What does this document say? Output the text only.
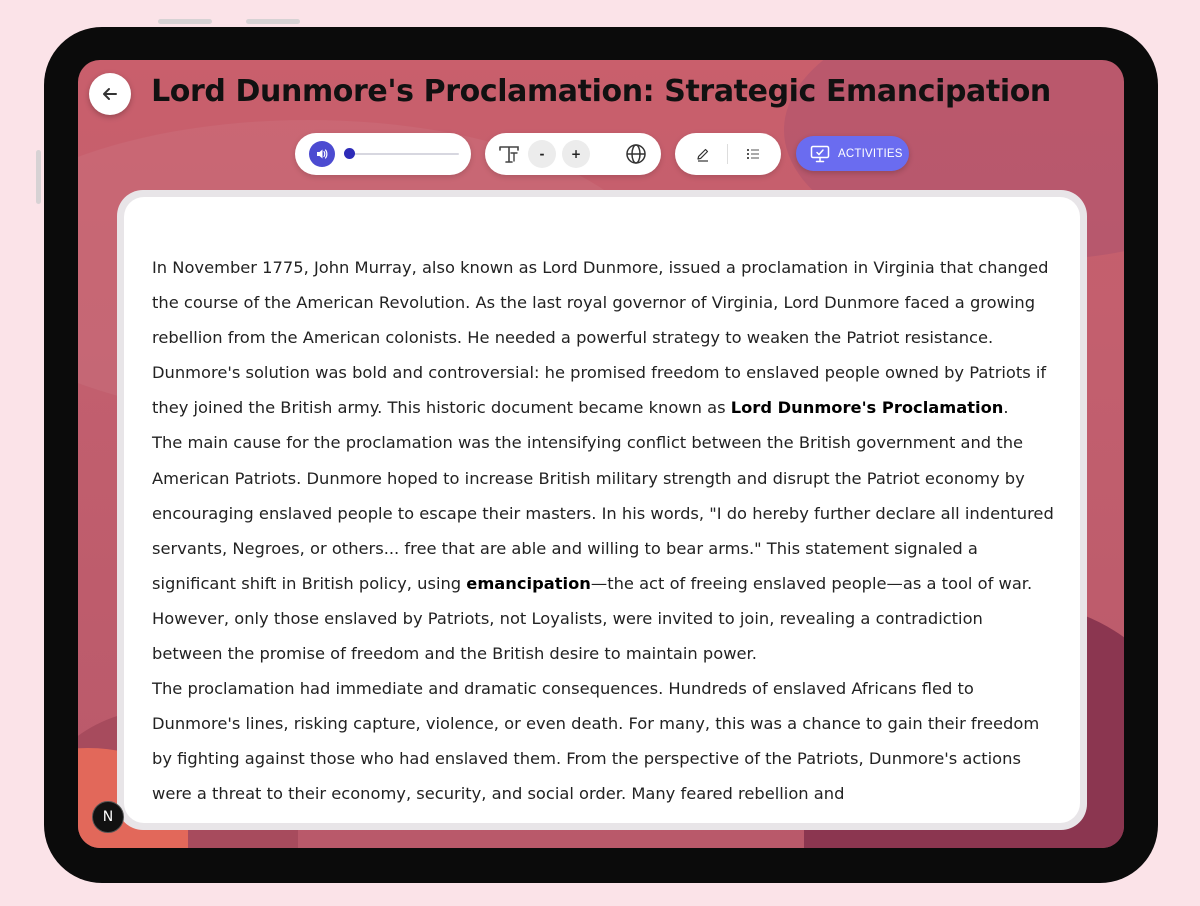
Lord Dunmore's Proclamation: Strategic Emancipation
-	+	ACTIVITIES

In November 1775, John Murray, also known as Lord Dunmore, issued a proclamation in Virginia that changed the course of the American Revolution. As the last royal governor of Virginia, Lord Dunmore faced a growing rebellion from the American colonists. He needed a powerful strategy to weaken the Patriot resistance. Dunmore's solution was bold and controversial: he promised freedom to enslaved people owned by Patriots if they joined the British army. This historic document became known as Lord Dunmore's Proclamation.

The main cause for the proclamation was the intensifying conflict between the British government and the American Patriots. Dunmore hoped to increase British military strength and disrupt the Patriot economy by encouraging enslaved people to escape their masters. In his words, "I do hereby further declare all indentured servants, Negroes, or others... free that are able and willing to bear arms." This statement signaled a significant shift in British policy, using emancipation—the act of freeing enslaved people—as a tool of war. However, only those enslaved by Patriots, not Loyalists, were invited to join, revealing a contradiction between the promise of freedom and the British desire to maintain power.

The proclamation had immediate and dramatic consequences. Hundreds of enslaved Africans fled to Dunmore's lines, risking capture, violence, or even death. For many, this was a chance to gain their freedom by fighting against those who had enslaved them. From the perspective of the Patriots, Dunmore's actions were a threat to their economy, security, and social order. Many feared rebellion and

N
